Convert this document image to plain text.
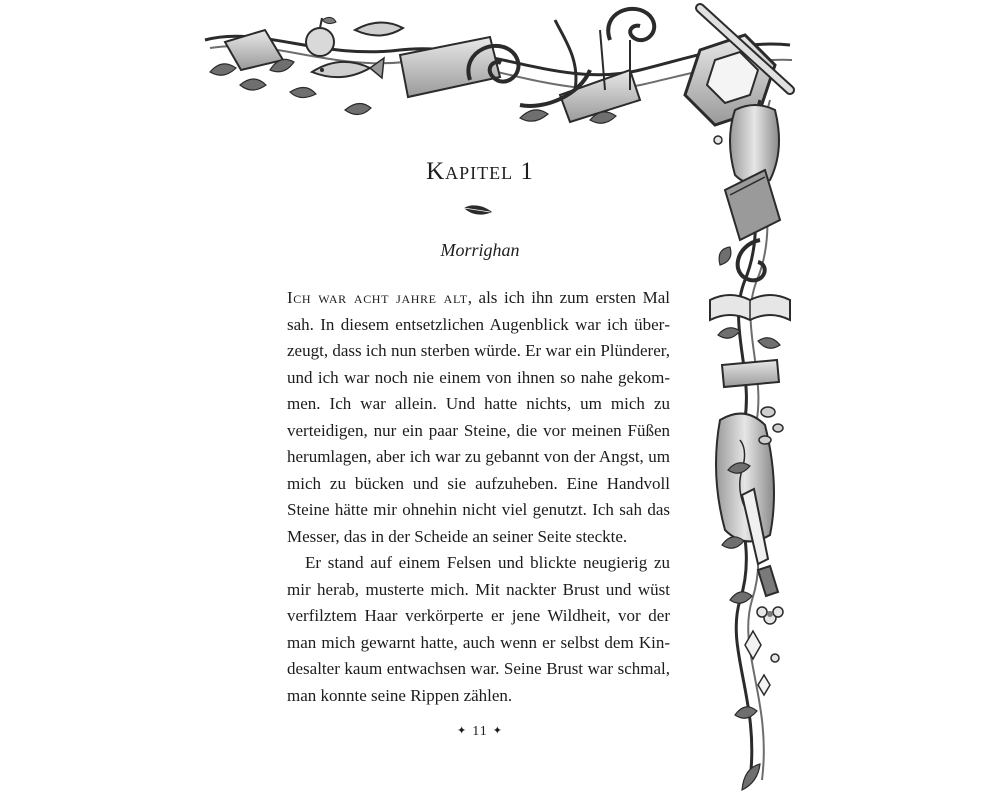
Kapitel 1
Morrighan

Ich war acht jahre alt, als ich ihn zum ersten Mal sah. In diesem entsetzlichen Augenblick war ich überzeugt, dass ich nun sterben würde. Er war ein Plünderer, und ich war noch nie einem von ihnen so nahe gekommen. Ich war allein. Und hatte nichts, um mich zu verteidigen, nur ein paar Steine, die vor meinen Füßen herumlagen, aber ich war zu gebannt von der Angst, um mich zu bücken und sie aufzuheben. Eine Handvoll Steine hätte mir ohnehin nicht viel genutzt. Ich sah das Messer, das in der Scheide an seiner Seite steckte.

Er stand auf einem Felsen und blickte neugierig zu mir herab, musterte mich. Mit nackter Brust und wüst verfilztem Haar verkörperte er jene Wildheit, vor der man mich gewarnt hatte, auch wenn er selbst dem Kindesalter kaum entwachsen war. Seine Brust war schmal, man konnte seine Rippen zählen.

✦ 11 ✦
